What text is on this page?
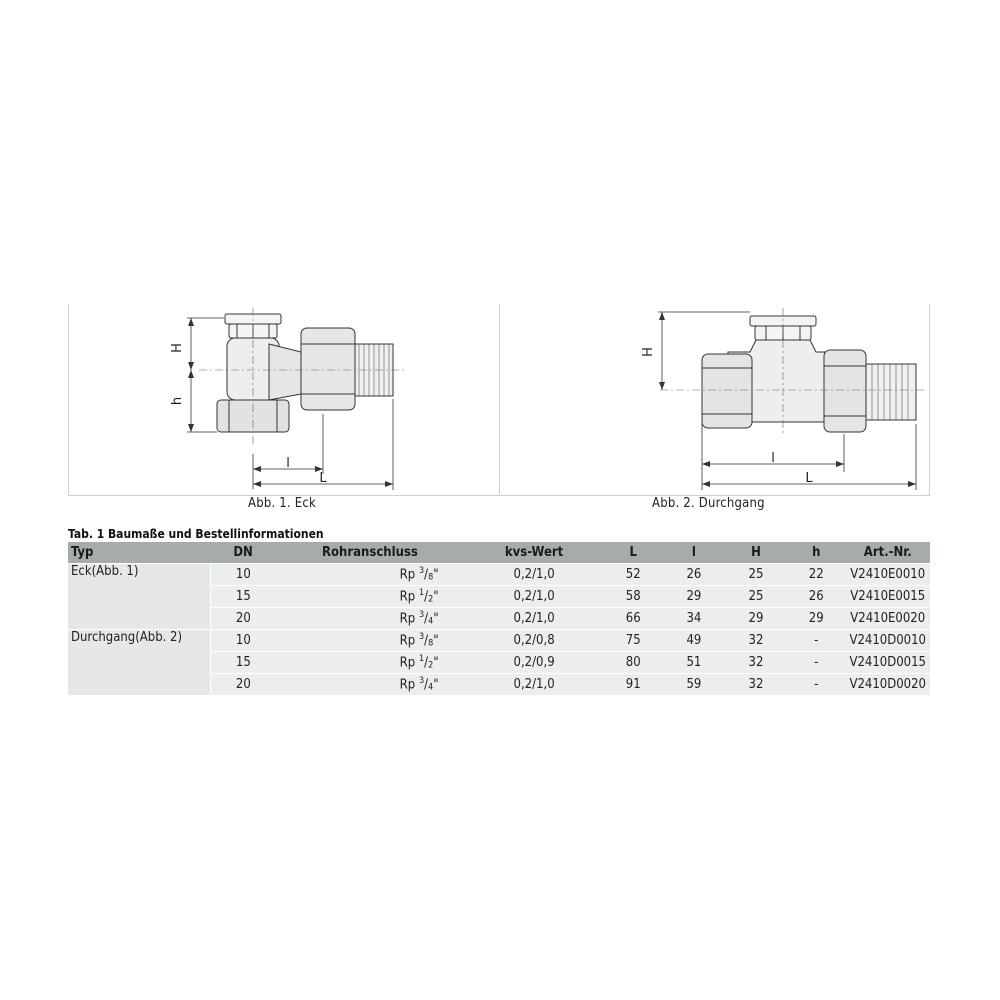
H
h
l
L
H
l
L
Abb. 1. Eck	Abb. 2. Durchgang
Tab. 1 Baumaße und Bestellinformationen
Typ	DN	Rohranschluss	kvs-Wert	L	l	H	h	Art.-Nr.
Eck(Abb. 1)	10	Rp $^3$/8"	0,2/1,0	52	26	25	22	V2410E0010
	15	Rp $^1$/2"	0,2/1,0	58	29	25	26	V2410E0015
	20	Rp $^3$/4"	0,2/1,0	66	34	29	29	V2410E0020
Durchgang(Abb. 2)	10	Rp $^3$/8"	0,2/0,8	75	49	32	-	V2410D0010
	15	Rp $^1$/2"	0,2/0,9	80	51	32	-	V2410D0015
	20	Rp $^3$/4"	0,2/1,0	91	59	32	-	V2410D0020
